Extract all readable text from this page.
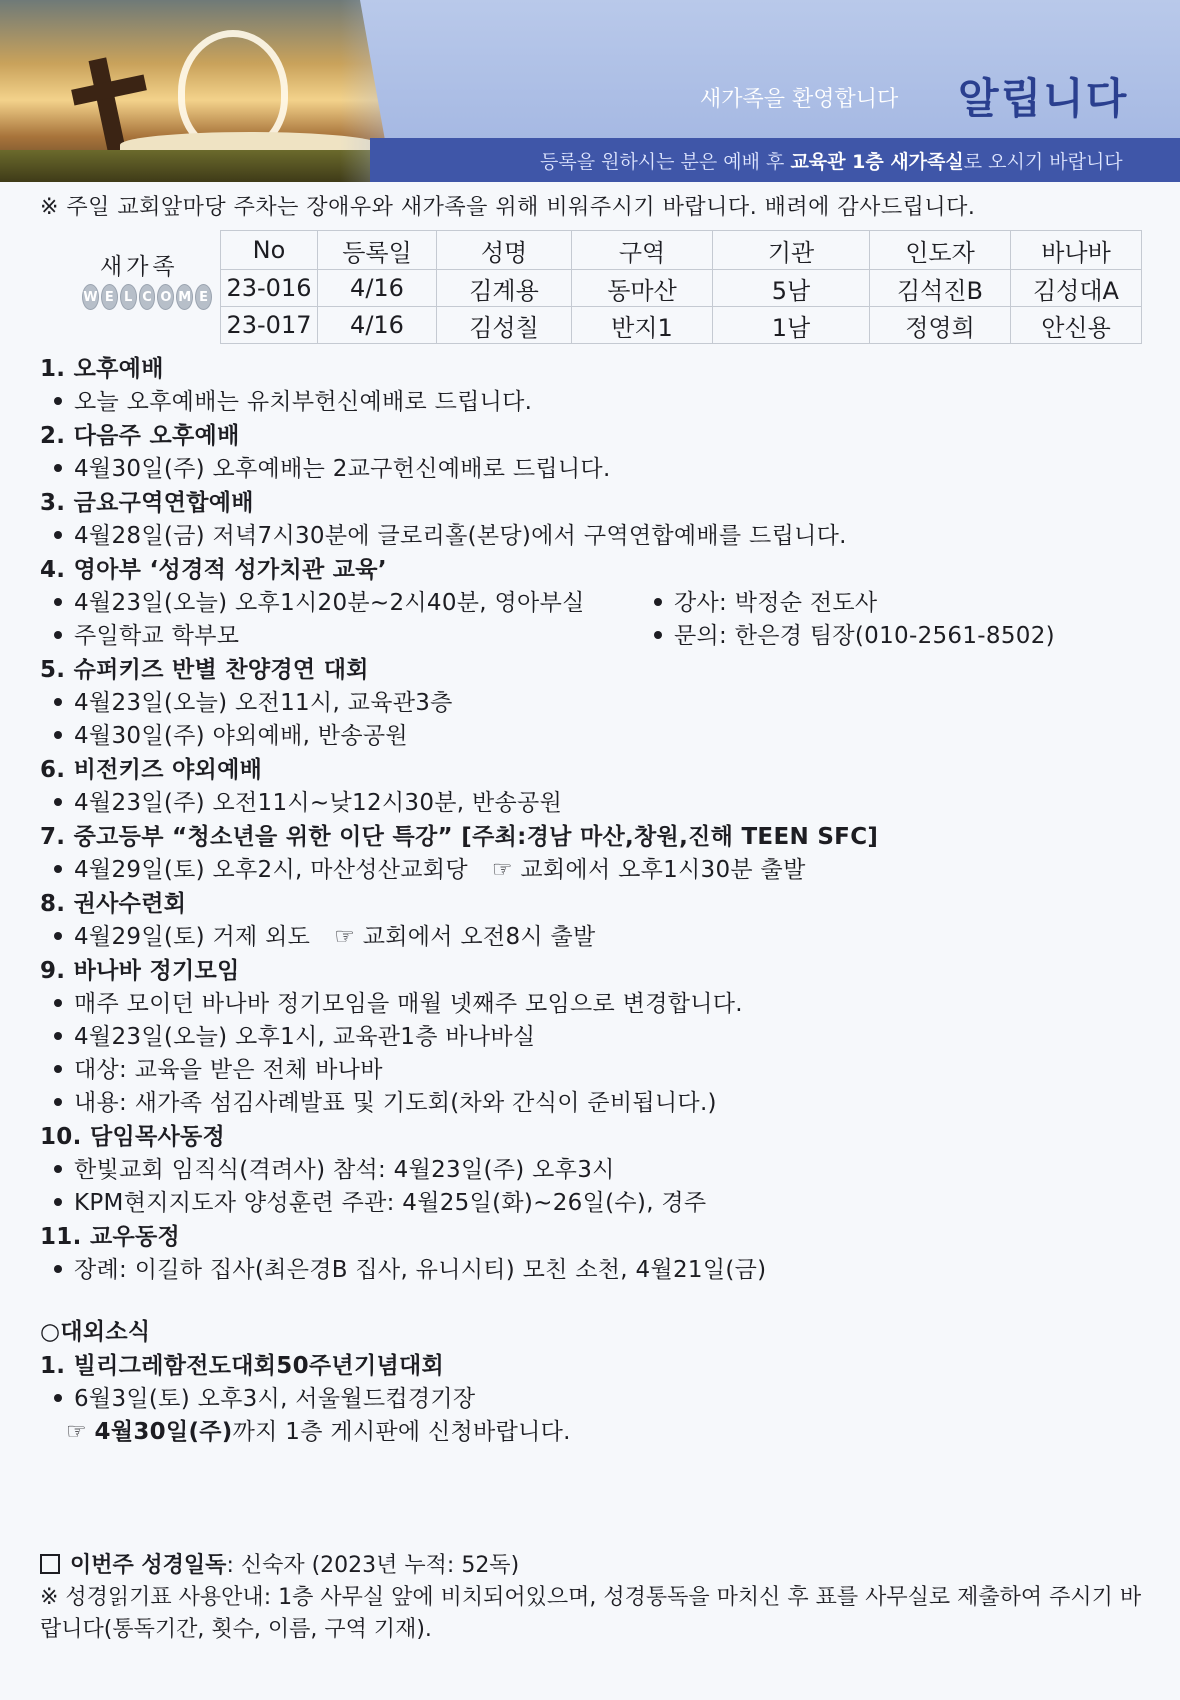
새가족을 환영합니다 알립니다
등록을 원하시는 분은 예배 후 교육관 1층 새가족실로 오시기 바랍니다
※ 주일 교회앞마당 주차는 장애우와 새가족을 위해 비워주시기 바랍니다. 배려에 감사드립니다.
새가족
W E L C O M E
No	등록일	성명	구역	기관	인도자	바나바
23-016	4/16	김계용	동마산	5남	김석진B	김성대A
23-017	4/16	김성칠	반지1	1남	정영희	안신용
1. 오후예배
오늘 오후예배는 유치부헌신예배로 드립니다.
2. 다음주 오후예배
4월30일(주) 오후예배는 2교구헌신예배로 드립니다.
3. 금요구역연합예배
4월28일(금) 저녁7시30분에 글로리홀(본당)에서 구역연합예배를 드립니다.
4. 영아부 ‘성경적 성가치관 교육’
4월23일(오늘) 오후1시20분~2시40분, 영아부실	강사: 박정순 전도사
주일학교 학부모	문의: 한은경 팀장(010-2561-8502)
5. 슈퍼키즈 반별 찬양경연 대회
4월23일(오늘) 오전11시, 교육관3층
4월30일(주) 야외예배, 반송공원
6. 비전키즈 야외예배
4월23일(주) 오전11시~낮12시30분, 반송공원
7. 중고등부 “청소년을 위한 이단 특강” [주최:경남 마산,창원,진해 TEEN SFC]
4월29일(토) 오후2시, 마산성산교회당 ☞ 교회에서 오후1시30분 출발
8. 권사수련회
4월29일(토) 거제 외도 ☞ 교회에서 오전8시 출발
9. 바나바 정기모임
매주 모이던 바나바 정기모임을 매월 넷째주 모임으로 변경합니다.
4월23일(오늘) 오후1시, 교육관1층 바나바실
대상: 교육을 받은 전체 바나바
내용: 새가족 섬김사례발표 및 기도회(차와 간식이 준비됩니다.)
10. 담임목사동정
한빛교회 임직식(격려사) 참석: 4월23일(주) 오후3시
KPM현지지도자 양성훈련 주관: 4월25일(화)~26일(수), 경주
11. 교우동정
장례: 이길하 집사(최은경B 집사, 유니시티) 모친 소천, 4월21일(금)
○대외소식
1. 빌리그레함전도대회50주년기념대회
6월3일(토) 오후3시, 서울월드컵경기장
☞ 4월30일(주)까지 1층 게시판에 신청바랍니다.
이번주 성경일독: 신숙자 (2023년 누적: 52독)
※ 성경읽기표 사용안내: 1층 사무실 앞에 비치되어있으며, 성경통독을 마치신 후 표를 사무실로 제출하여 주시기 바랍니다(통독기간, 횟수, 이름, 구역 기재).
